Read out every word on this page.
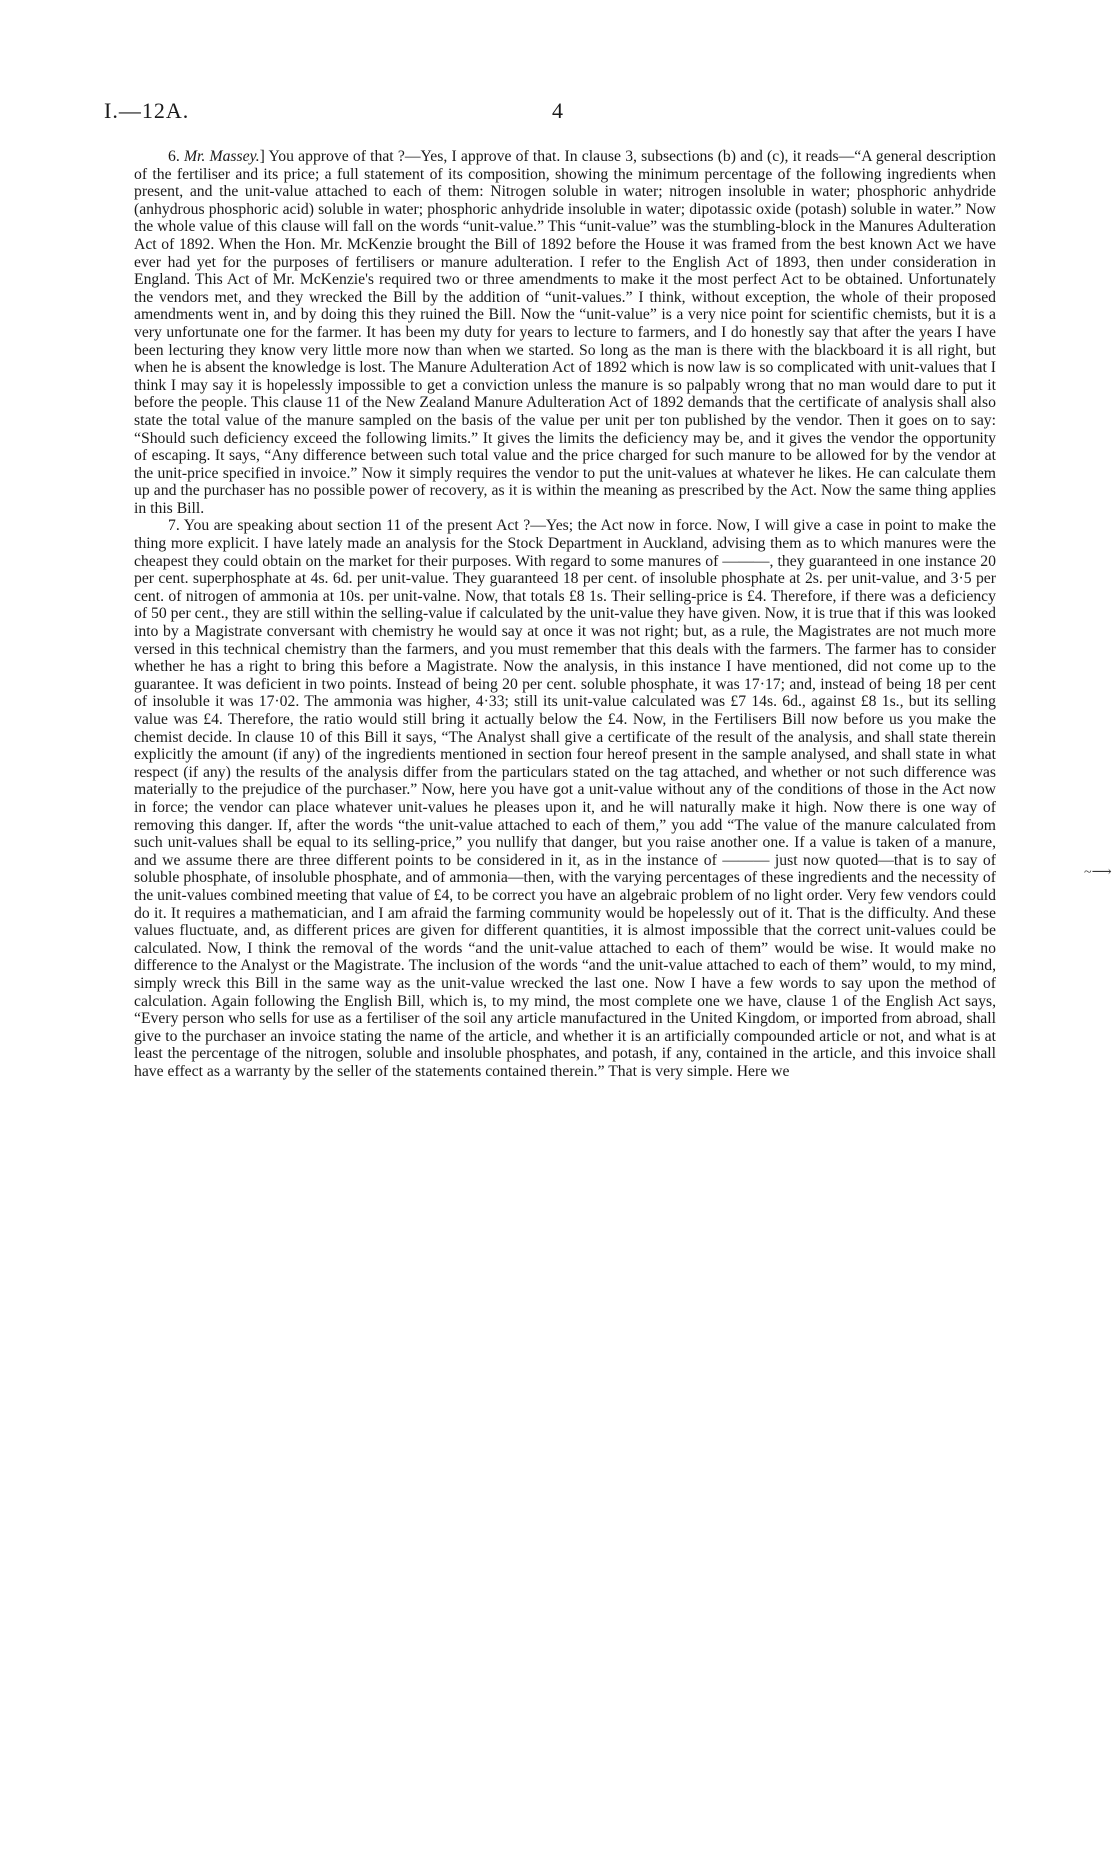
I.—12A.	4

6. Mr. Massey.] You approve of that ?—Yes, I approve of that. In clause 3, subsections (b) and (c), it reads—“A general description of the fertiliser and its price; a full statement of its composition, showing the minimum percentage of the following ingredients when present, and the unit-value attached to each of them: Nitrogen soluble in water; nitrogen insoluble in water; phosphoric anhydride (anhydrous phosphoric acid) soluble in water; phosphoric anhydride insoluble in water; dipotassic oxide (potash) soluble in water.” Now the whole value of this clause will fall on the words “unit-value.” This “unit-value” was the stumbling-block in the Manures Adulteration Act of 1892. When the Hon. Mr. McKenzie brought the Bill of 1892 before the House it was framed from the best known Act we have ever had yet for the purposes of fertilisers or manure adulteration. I refer to the English Act of 1893, then under consideration in England. This Act of Mr. McKenzie's required two or three amendments to make it the most perfect Act to be obtained. Unfortunately the vendors met, and they wrecked the Bill by the addition of “unit-values.” I think, without exception, the whole of their proposed amendments went in, and by doing this they ruined the Bill. Now the “unit-value” is a very nice point for scientific chemists, but it is a very unfortunate one for the farmer. It has been my duty for years to lecture to farmers, and I do honestly say that after the years I have been lecturing they know very little more now than when we started. So long as the man is there with the blackboard it is all right, but when he is absent the knowledge is lost. The Manure Adulteration Act of 1892 which is now law is so complicated with unit-values that I think I may say it is hopelessly impossible to get a conviction unless the manure is so palpably wrong that no man would dare to put it before the people. This clause 11 of the New Zealand Manure Adulteration Act of 1892 demands that the certificate of analysis shall also state the total value of the manure sampled on the basis of the value per unit per ton published by the vendor. Then it goes on to say: “Should such deficiency exceed the following limits.” It gives the limits the deficiency may be, and it gives the vendor the opportunity of escaping. It says, “Any difference between such total value and the price charged for such manure to be allowed for by the vendor at the unit-price specified in invoice.” Now it simply requires the vendor to put the unit-values at whatever he likes. He can calculate them up and the purchaser has no possible power of recovery, as it is within the meaning as prescribed by the Act. Now the same thing applies in this Bill.

7. You are speaking about section 11 of the present Act ?—Yes; the Act now in force. Now, I will give a case in point to make the thing more explicit. I have lately made an analysis for the Stock Department in Auckland, advising them as to which manures were the cheapest they could obtain on the market for their purposes. With regard to some manures of ———, they guaranteed in one instance 20 per cent. superphosphate at 4s. 6d. per unit-value. They guaranteed 18 per cent. of insoluble phosphate at 2s. per unit-value, and 3·5 per cent. of nitrogen of ammonia at 10s. per unit-valne. Now, that totals £8 1s. Their selling-price is £4. Therefore, if there was a deficiency of 50 per cent., they are still within the selling-value if calculated by the unit-value they have given. Now, it is true that if this was looked into by a Magistrate conversant with chemistry he would say at once it was not right; but, as a rule, the Magistrates are not much more versed in this technical chemistry than the farmers, and you must remember that this deals with the farmers. The farmer has to consider whether he has a right to bring this before a Magistrate. Now the analysis, in this instance I have mentioned, did not come up to the guarantee. It was deficient in two points. Instead of being 20 per cent. soluble phosphate, it was 17·17; and, instead of being 18 per cent of insoluble it was 17·02. The ammonia was higher, 4·33; still its unit-value calculated was £7 14s. 6d., against £8 1s., but its selling value was £4. Therefore, the ratio would still bring it actually below the £4. Now, in the Fertilisers Bill now before us you make the chemist decide. In clause 10 of this Bill it says, “The Analyst shall give a certificate of the result of the analysis, and shall state therein explicitly the amount (if any) of the ingredients mentioned in section four hereof present in the sample analysed, and shall state in what respect (if any) the results of the analysis differ from the particulars stated on the tag attached, and whether or not such difference was materially to the prejudice of the purchaser.” Now, here you have got a unit-value without any of the conditions of those in the Act now in force; the vendor can place whatever unit-values he pleases upon it, and he will naturally make it high. Now there is one way of removing this danger. If, after the words “the unit-value attached to each of them,” you add “The value of the manure calculated from such unit-values shall be equal to its selling-price,” you nullify that danger, but you raise another one. If a value is taken of a manure, and we assume there are three different points to be considered in it, as in the instance of ——— just now quoted—that is to say of soluble phosphate, of insoluble phosphate, and of ammonia—then, with the varying percentages of these ingredients and the necessity of the unit-values combined meeting that value of £4, to be correct you have an algebraic problem of no light order. Very few vendors could do it. It requires a mathematician, and I am afraid the farming community would be hopelessly out of it. That is the difficulty. And these values fluctuate, and, as different prices are given for different quantities, it is almost impossible that the correct unit-values could be calculated. Now, I think the removal of the words “and the unit-value attached to each of them” would be wise. It would make no difference to the Analyst or the Magistrate. The inclusion of the words “and the unit-value attached to each of them” would, to my mind, simply wreck this Bill in the same way as the unit-value wrecked the last one. Now I have a few words to say upon the method of calculation. Again following the English Bill, which is, to my mind, the most complete one we have, clause 1 of the English Act says, “Every person who sells for use as a fertiliser of the soil any article manufactured in the United Kingdom, or imported from abroad, shall give to the purchaser an invoice stating the name of the article, and whether it is an artificially compounded article or not, and what is at least the percentage of the nitrogen, soluble and insoluble phosphates, and potash, if any, contained in the article, and this invoice shall have effect as a warranty by the seller of the statements contained therein.” That is very simple. Here we

~⟶
